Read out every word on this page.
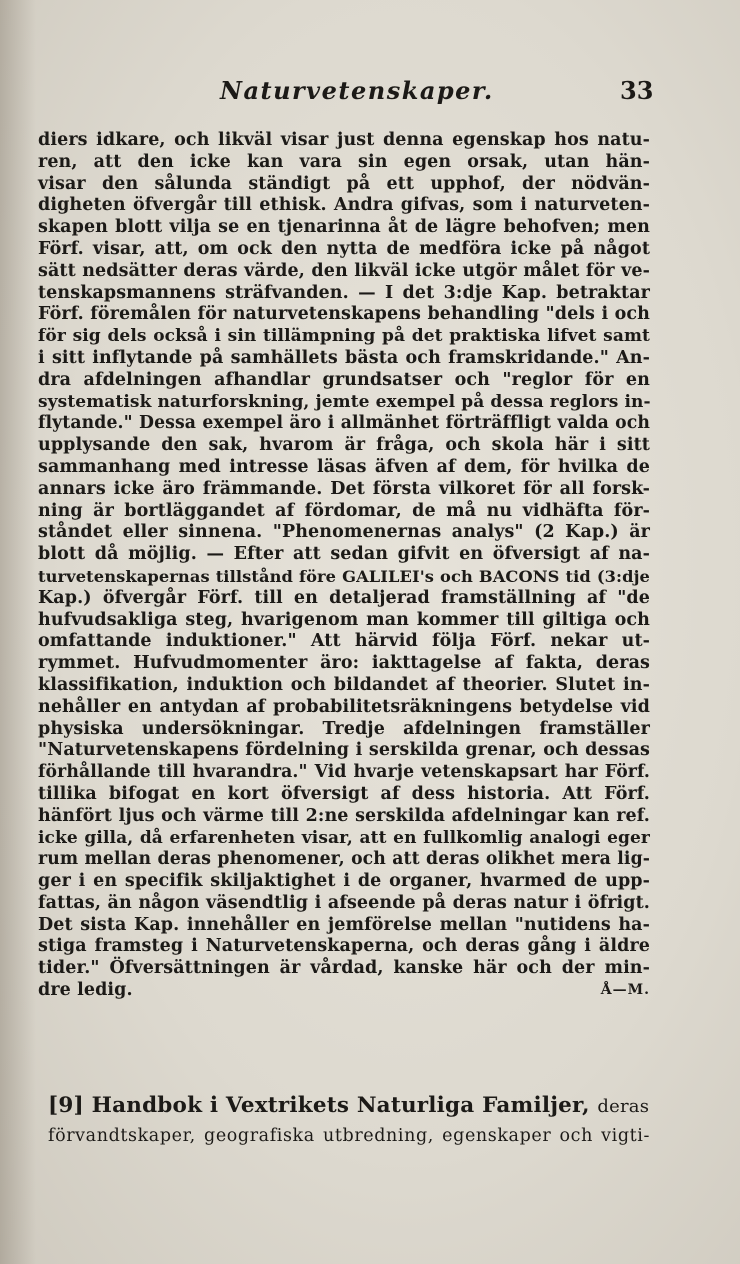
Naturvetenskaper.	33
diers idkare, och likväl visar just denna egenskap hos natu-
ren, att den icke kan vara sin egen orsak, utan hän-
visar den sålunda ständigt på ett upphof, der nödvän-
digheten öfvergår till ethisk. Andra gifvas, som i naturveten-
skapen blott vilja se en tjenarinna åt de lägre behofven; men
Förf. visar, att, om ock den nytta de medföra icke på något
sätt nedsätter deras värde, den likväl icke utgör målet för ve-
tenskapsmannens sträfvanden. — I det 3:dje Kap. betraktar
Förf. föremålen för naturvetenskapens behandling "dels i och
för sig dels också i sin tillämpning på det praktiska lifvet samt
i sitt inflytande på samhällets bästa och framskridande." An-
dra afdelningen afhandlar grundsatser och "reglor för en
systematisk naturforskning, jemte exempel på dessa reglors in-
flytande." Dessa exempel äro i allmänhet förträffligt valda och
upplysande den sak, hvarom är fråga, och skola här i sitt
sammanhang med intresse läsas äfven af dem, för hvilka de
annars icke äro främmande. Det första vilkoret för all forsk-
ning är bortläggandet af fördomar, de må nu vidhäfta för-
ståndet eller sinnena. "Phenomenernas analys" (2 Kap.) är
blott då möjlig. — Efter att sedan gifvit en öfversigt af na-
turvetenskapernas tillstånd före GALILEI's och BACONS tid (3:dje
Kap.) öfvergår Förf. till en detaljerad framställning af "de
hufvudsakliga steg, hvarigenom man kommer till giltiga och
omfattande induktioner." Att härvid följa Förf. nekar ut-
rymmet. Hufvudmomenter äro: iakttagelse af fakta, deras
klassifikation, induktion och bildandet af theorier. Slutet in-
nehåller en antydan af probabilitetsräkningens betydelse vid
physiska undersökningar. Tredje afdelningen framställer
"Naturvetenskapens fördelning i serskilda grenar, och dessas
förhållande till hvarandra." Vid hvarje vetenskapsart har Förf.
tillika bifogat en kort öfversigt af dess historia. Att Förf.
hänfört ljus och värme till 2:ne serskilda afdelningar kan ref.
icke gilla, då erfarenheten visar, att en fullkomlig analogi eger
rum mellan deras phenomener, och att deras olikhet mera lig-
ger i en specifik skiljaktighet i de organer, hvarmed de upp-
fattas, än någon väsendtlig i afseende på deras natur i öfrigt.
Det sista Kap. innehåller en jemförelse mellan "nutidens ha-
stiga framsteg i Naturvetenskaperna, och deras gång i äldre
tider." Öfversättningen är vårdad, kanske här och der min-
dre ledig.	Å—M.
[9] Handbok i Vextrikets Naturliga Familjer, deras
förvandtskaper, geografiska utbredning, egenskaper och vigti-
